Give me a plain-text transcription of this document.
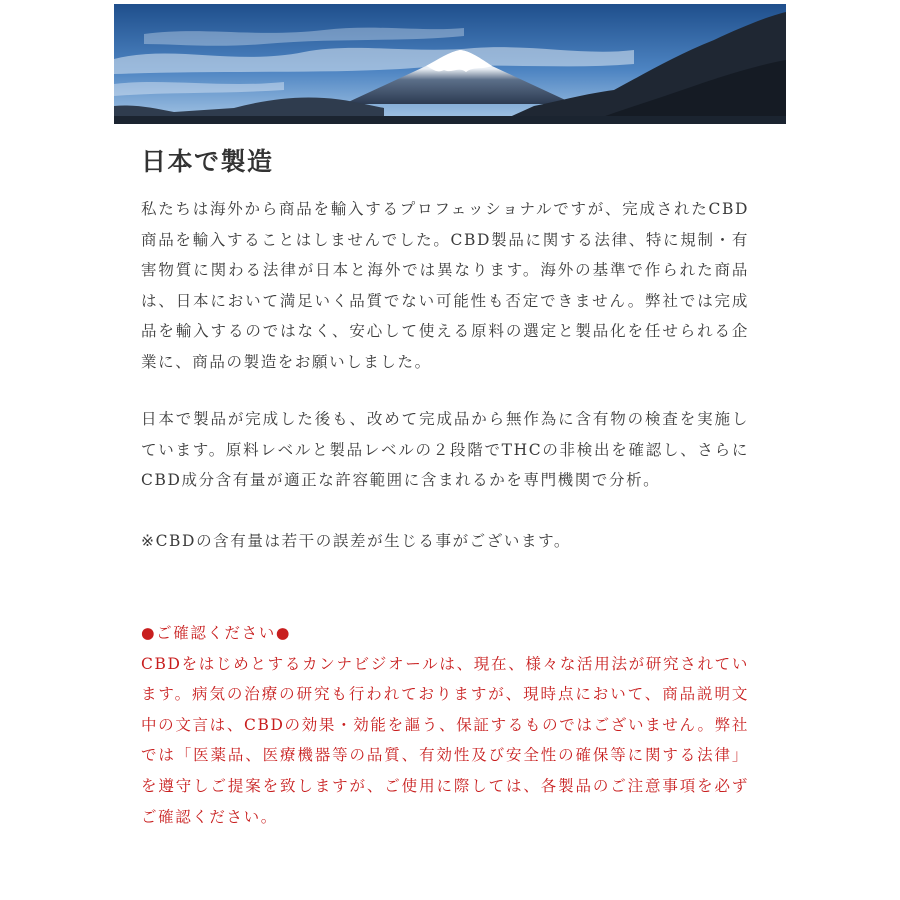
日本で製造

私たちは海外から商品を輸入するプロフェッショナルですが、完成されたCBD商品を輸入することはしませんでした。CBD製品に関する法律、特に規制・有害物質に関わる法律が日本と海外では異なります。海外の基準で作られた商品は、日本において満足いく品質でない可能性も否定できません。弊社では完成品を輸入するのではなく、安心して使える原料の選定と製品化を任せられる企業に、商品の製造をお願いしました。

日本で製品が完成した後も、改めて完成品から無作為に含有物の検査を実施しています。原料レベルと製品レベルの２段階でTHCの非検出を確認し、さらにCBD成分含有量が適正な許容範囲に含まれるかを専門機関で分析。

※CBDの含有量は若干の誤差が生じる事がございます。

●ご確認ください●

CBDをはじめとするカンナビジオールは、現在、様々な活用法が研究されています。病気の治療の研究も行われておりますが、現時点において、商品説明文中の文言は、CBDの効果・効能を謳う、保証するものではございません。弊社では「医薬品、医療機器等の品質、有効性及び安全性の確保等に関する法律」を遵守しご提案を致しますが、ご使用に際しては、各製品のご注意事項を必ずご確認ください。
